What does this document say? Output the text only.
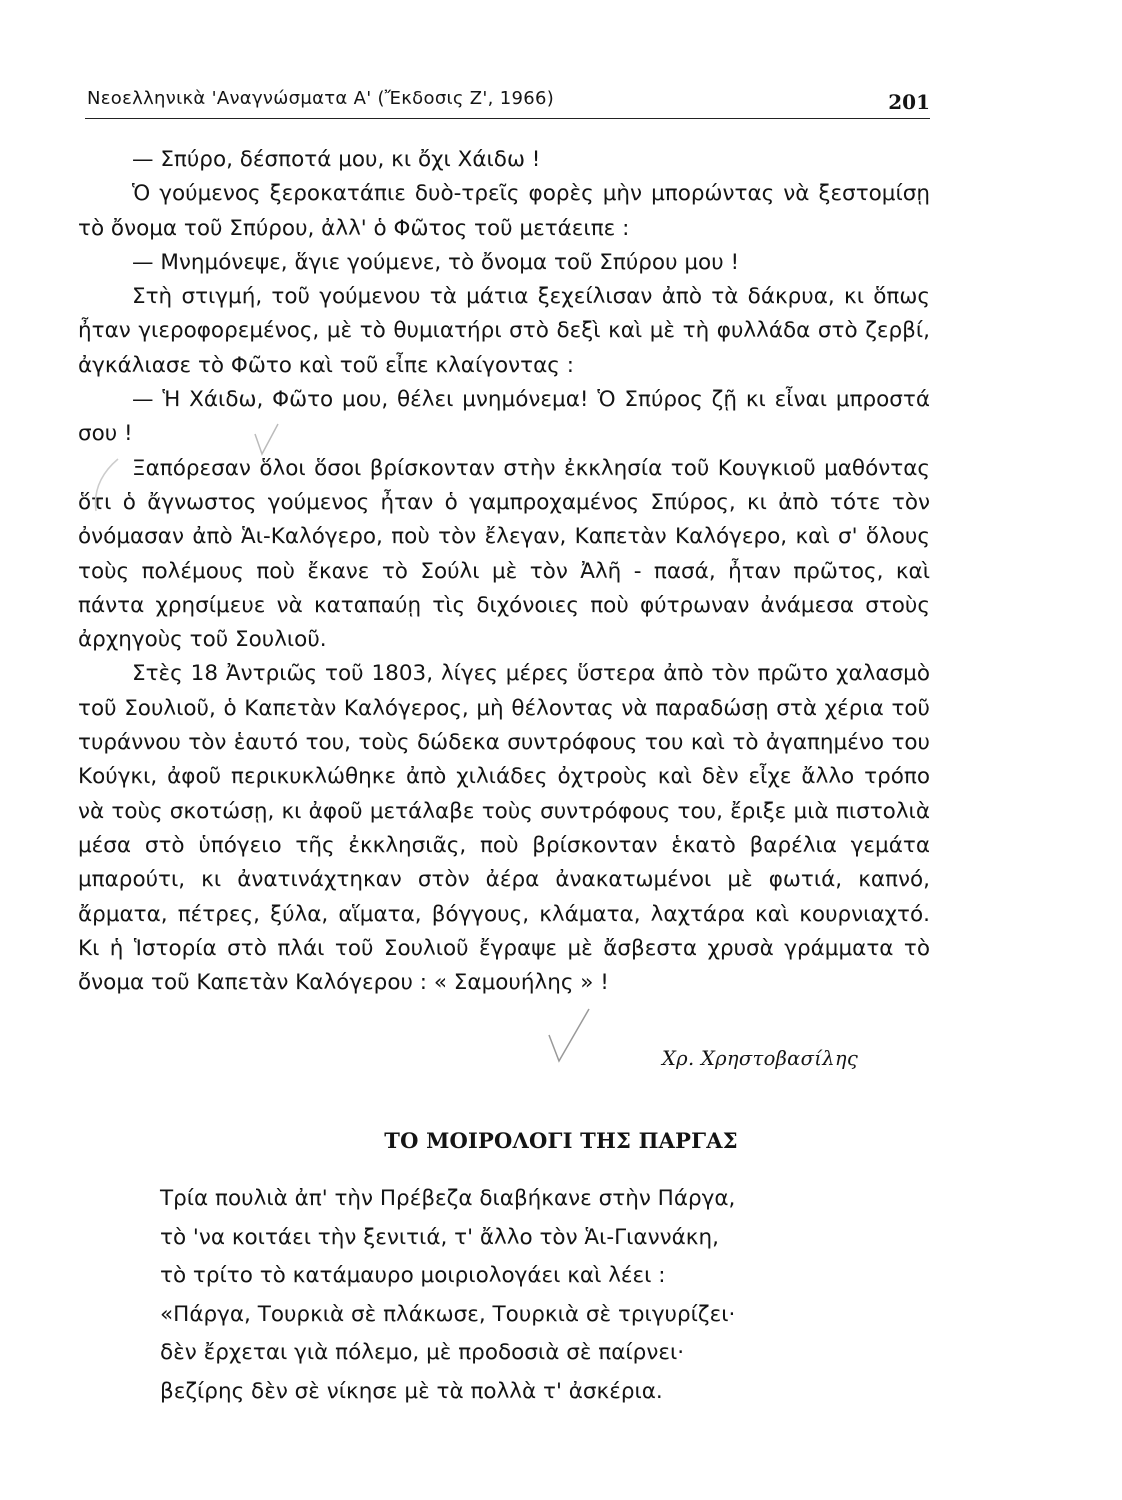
Νεοελληνικὰ 'Αναγνώσματα Α' (Ἔκδοσις Ζ', 1966)	201

— Σπύρο, δέσποτά μου, κι ὄχι Χάιδω !

Ὁ γούμενος ξεροκατάπιε δυὸ-τρεῖς φορὲς μὴν μπορώντας νὰ ξεστομίσῃ τὸ ὄνομα τοῦ Σπύρου, ἀλλ' ὁ Φῶτος τοῦ μετάειπε :

— Μνημόνεψε, ἅγιε γούμενε, τὸ ὄνομα τοῦ Σπύρου μου !

Στὴ στιγμή, τοῦ γούμενου τὰ μάτια ξεχείλισαν ἀπὸ τὰ δάκρυα, κι ὅπως ἦταν γιεροφορεμένος, μὲ τὸ θυμιατήρι στὸ δεξὶ καὶ μὲ τὴ φυλλάδα στὸ ζερβί, ἀγκάλιασε τὸ Φῶτο καὶ τοῦ εἶπε κλαίγοντας :

— Ἡ Χάιδω, Φῶτο μου, θέλει μνημόνεμα! Ὁ Σπύρος ζῇ κι εἶναι μπροστά σου !

Ξαπόρεσαν ὅλοι ὅσοι βρίσκονταν στὴν ἐκκλησία τοῦ Κουγκιοῦ μαθόντας ὅτι ὁ ἄγνωστος γούμενος ἦταν ὁ γαμπροχαμένος Σπύρος, κι ἀπὸ τότε τὸν ὀνόμασαν ἀπὸ Ἁι-Καλόγερο, ποὺ τὸν ἔλεγαν, Καπετὰν Καλόγερο, καὶ σ' ὅλους τοὺς πολέμους ποὺ ἔκανε τὸ Σούλι μὲ τὸν Ἀλῆ - πασά, ἦταν πρῶτος, καὶ πάντα χρησίμευε νὰ καταπαύῃ τὶς διχόνοιες ποὺ φύτρωναν ἀνάμεσα στοὺς ἀρχηγοὺς τοῦ Σουλιοῦ.

Στὲς 18 Ἀντριῶς τοῦ 1803, λίγες μέρες ὕστερα ἀπὸ τὸν πρῶτο χαλασμὸ τοῦ Σουλιοῦ, ὁ Καπετὰν Καλόγερος, μὴ θέλοντας νὰ παραδώσῃ στὰ χέρια τοῦ τυράννου τὸν ἑαυτό του, τοὺς δώδεκα συντρόφους του καὶ τὸ ἀγαπημένο του Κούγκι, ἀφοῦ περικυκλώθηκε ἀπὸ χιλιάδες ὀχτροὺς καὶ δὲν εἶχε ἄλλο τρόπο νὰ τοὺς σκοτώσῃ, κι ἀφοῦ μετάλαβε τοὺς συντρόφους του, ἔριξε μιὰ πιστολιὰ μέσα στὸ ὑπόγειο τῆς ἐκκλησιᾶς, ποὺ βρίσκονταν ἑκατὸ βαρέλια γεμάτα μπαρούτι, κι ἀνατινάχτηκαν στὸν ἀέρα ἀνακατωμένοι μὲ φωτιά, καπνό, ἄρματα, πέτρες, ξύλα, αἵματα, βόγγους, κλάματα, λαχτάρα καὶ κουρνιαχτό. Κι ἡ Ἱστορία στὸ πλάι τοῦ Σουλιοῦ ἔγραψε μὲ ἄσβεστα χρυσὰ γράμματα τὸ ὄνομα τοῦ Καπετὰν Καλόγερου : « Σαμουήλης » !

Χρ. Χρηστοβασίλης
ΤΟ ΜΟΙΡΟΛΟΓΙ ΤΗΣ ΠΑΡΓΑΣ
Τρία πουλιὰ ἀπ' τὴν Πρέβεζα διαβήκανε στὴν Πάργα,
τὸ 'να κοιτάει τὴν ξενιτιά, τ' ἄλλο τὸν Ἁι-Γιαννάκη,
τὸ τρίτο τὸ κατάμαυρο μοιριολογάει καὶ λέει :
«Πάργα, Τουρκιὰ σὲ πλάκωσε, Τουρκιὰ σὲ τριγυρίζει·
δὲν ἔρχεται γιὰ πόλεμο, μὲ προδοσιὰ σὲ παίρνει·
βεζίρης δὲν σὲ νίκησε μὲ τὰ πολλὰ τ' ἀσκέρια.
